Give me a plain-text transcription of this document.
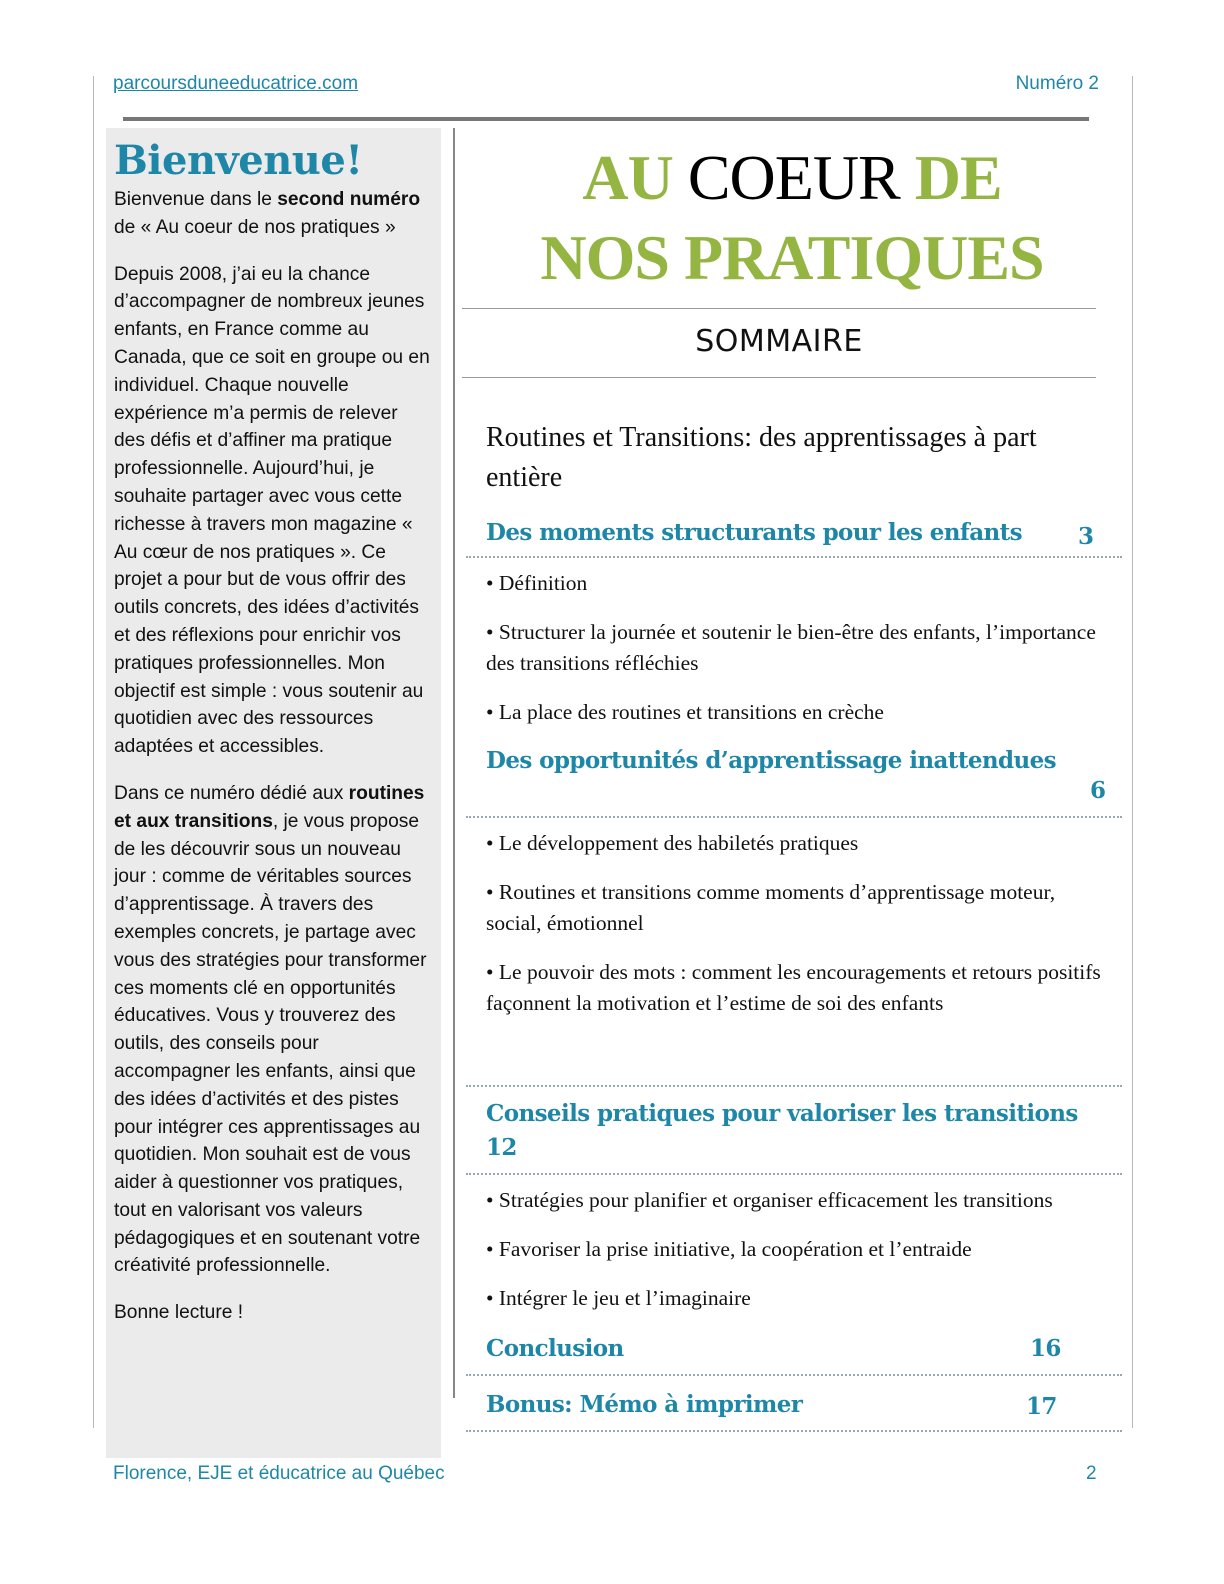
parcoursduneeducatrice.com	Numéro 2
Bienvenue!

Bienvenue dans le second numéro de « Au coeur de nos pratiques »

Depuis 2008, j’ai eu la chance d’accompagner de nombreux jeunes enfants, en France comme au Canada, que ce soit en groupe ou en individuel. Chaque nouvelle expérience m’a permis de relever des défis et d’affiner ma pratique professionnelle. Aujourd’hui, je souhaite partager avec vous cette richesse à travers mon magazine « Au cœur de nos pratiques ». Ce projet a pour but de vous offrir des outils concrets, des idées d’activités et des réflexions pour enrichir vos pratiques professionnelles. Mon objectif est simple : vous soutenir au quotidien avec des ressources adaptées et accessibles.

Dans ce numéro dédié aux routines et aux transitions, je vous propose de les découvrir sous un nouveau jour : comme de véritables sources d’apprentissage. À travers des exemples concrets, je partage avec vous des stratégies pour transformer ces moments clé en opportunités éducatives. Vous y trouverez des outils, des conseils pour accompagner les enfants, ainsi que des idées d’activités et des pistes pour intégrer ces apprentissages au quotidien. Mon souhait est de vous aider à questionner vos pratiques, tout en valorisant vos valeurs pédagogiques et en soutenant votre créativité professionnelle.

Bonne lecture !

AU COEUR DE
NOS PRATIQUES
SOMMAIRE
Routines et Transitions: des apprentissages à part entière
Des moments structurants pour les enfants 3
• Définition
• Structurer la journée et soutenir le bien-être des enfants, l’importance des transitions réfléchies
• La place des routines et transitions en crèche
Des opportunités d’apprentissage inattendues
6
• Le développement des habiletés pratiques
• Routines et transitions comme moments d’apprentissage moteur, social, émotionnel
• Le pouvoir des mots : comment les encouragements et retours positifs façonnent la motivation et l’estime de soi des enfants
Conseils pratiques pour valoriser les transitions
12
• Stratégies pour planifier et organiser efficacement les transitions
• Favoriser la prise initiative, la coopération et l’entraide
• Intégrer le jeu et l’imaginaire
Conclusion	16
Bonus: Mémo à imprimer	17
Florence, EJE et éducatrice au Québec	2
